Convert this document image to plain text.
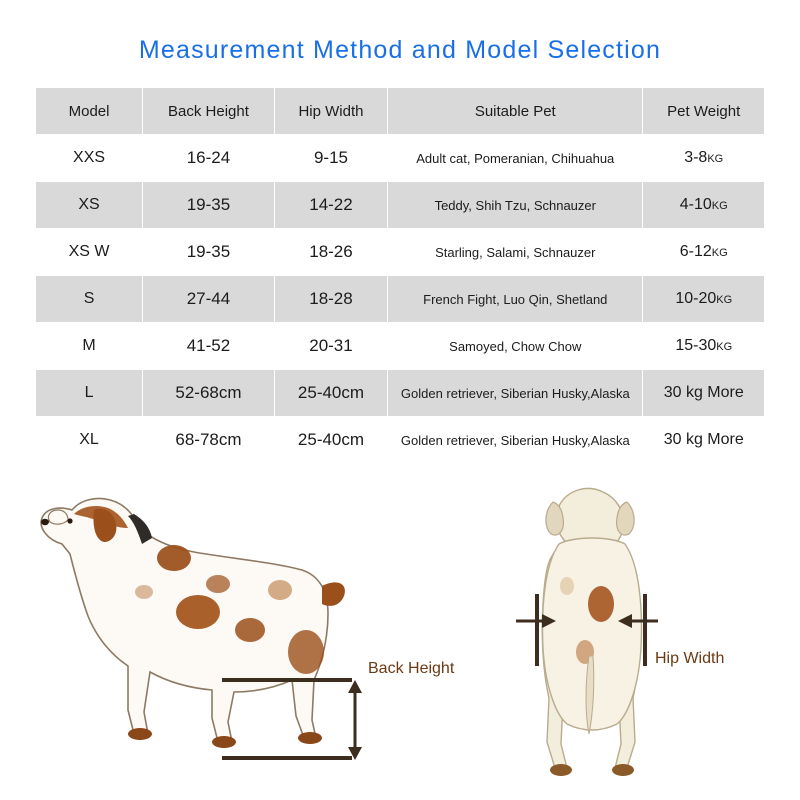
Measurement Method and Model Selection
Model	Back Height	Hip Width	Suitable Pet	Pet Weight
XXS	16-24	9-15	Adult cat, Pomeranian, Chihuahua	3-8KG
XS	19-35	14-22	Teddy, Shih Tzu, Schnauzer	4-10KG
XS W	19-35	18-26	Starling, Salami, Schnauzer	6-12KG
S	27-44	18-28	French Fight, Luo Qin, Shetland	10-20KG
M	41-52	20-31	Samoyed, Chow Chow	15-30KG
L	52-68cm	25-40cm	Golden retriever, Siberian Husky,Alaska	30 kg More
XL	68-78cm	25-40cm	Golden retriever, Siberian Husky,Alaska	30 kg More
Back Height
Hip Width
